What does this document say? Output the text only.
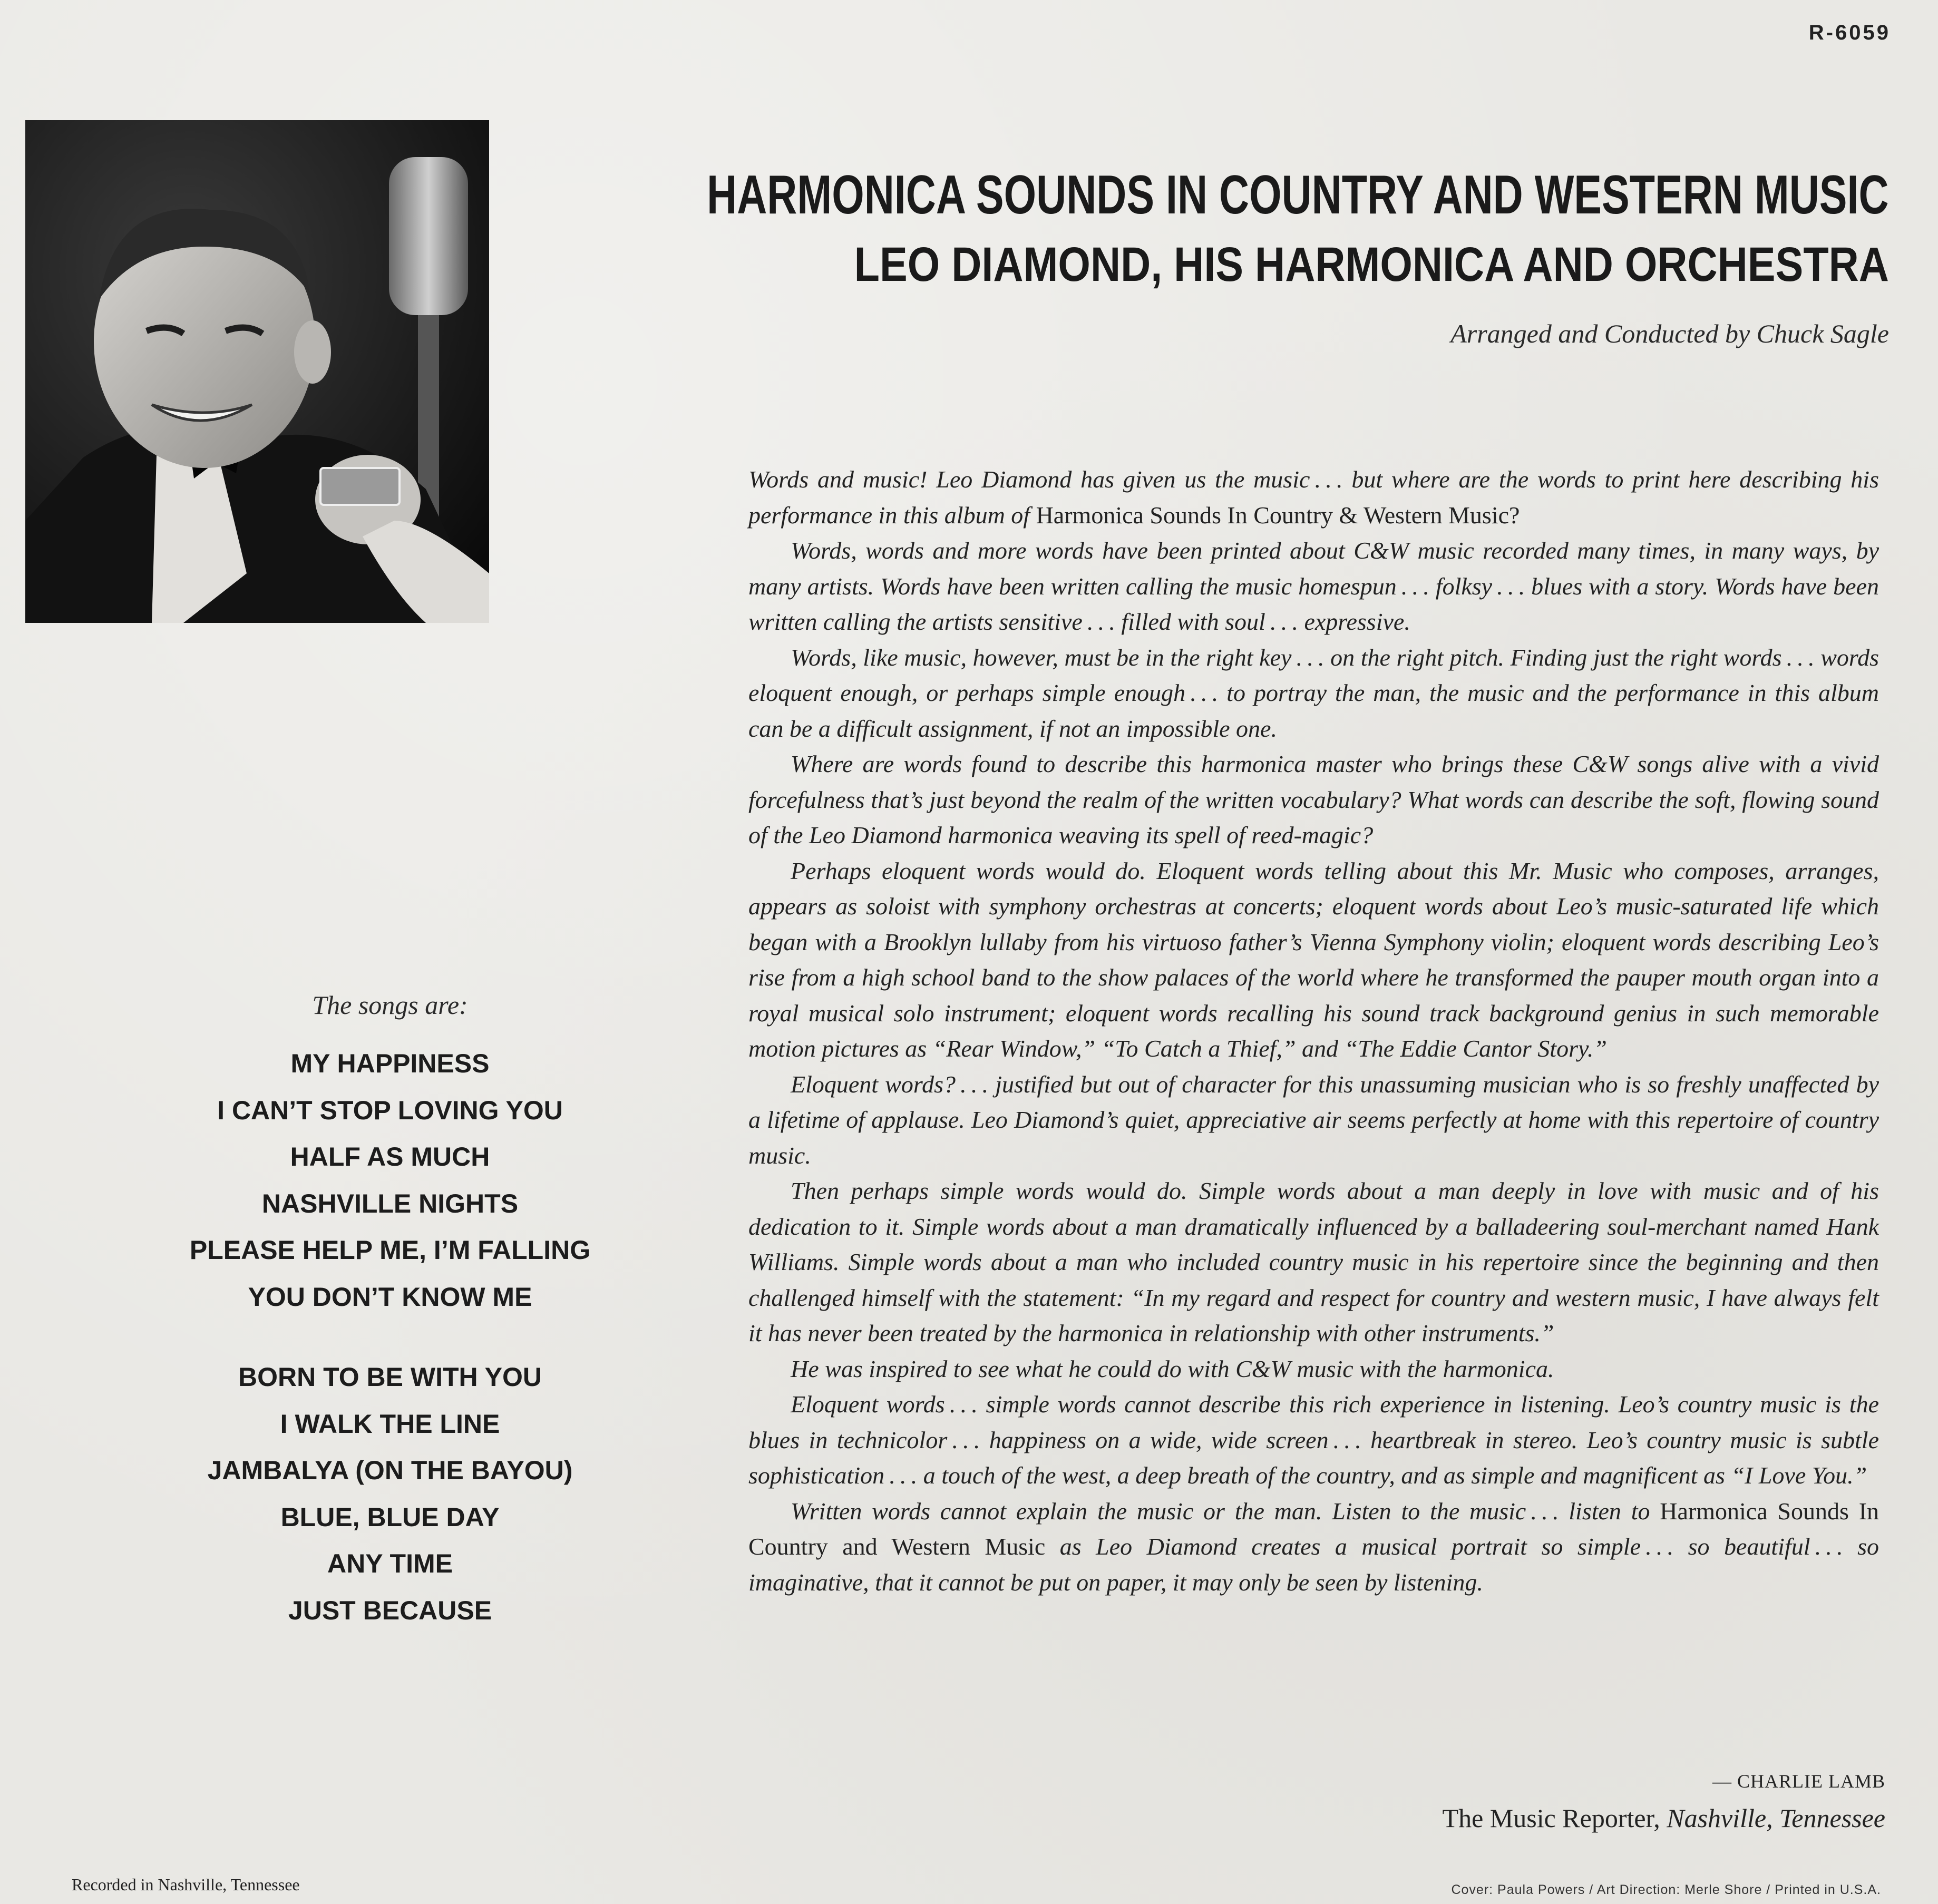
R-6059
HARMONICA SOUNDS IN COUNTRY AND WESTERN MUSIC
LEO DIAMOND, HIS HARMONICA AND ORCHESTRA
Arranged and Conducted by Chuck Sagle

Words and music! Leo Diamond has given us the music . . . but where are the words to print here describing his performance in this album of Harmonica Sounds In Country & Western Music?

Words, words and more words have been printed about C&W music recorded many times, in many ways, by many artists. Words have been written calling the music homespun . . . folksy . . . blues with a story. Words have been written calling the artists sensitive . . . filled with soul . . . expressive.

Words, like music, however, must be in the right key . . . on the right pitch. Finding just the right words . . . words eloquent enough, or perhaps simple enough . . . to portray the man, the music and the performance in this album can be a difficult assignment, if not an impossible one.

Where are words found to describe this harmonica master who brings these C&W songs alive with a vivid forcefulness that’s just beyond the realm of the written vocabulary? What words can describe the soft, flowing sound of the Leo Diamond harmonica weaving its spell of reed-magic?

Perhaps eloquent words would do. Eloquent words telling about this Mr. Music who composes, arranges, appears as soloist with symphony orchestras at concerts; eloquent words about Leo’s music-saturated life which began with a Brooklyn lullaby from his virtuoso father’s Vienna Symphony violin; eloquent words describing Leo’s rise from a high school band to the show palaces of the world where he transformed the pauper mouth organ into a royal musical solo instrument; eloquent words recalling his sound track background genius in such memorable motion pictures as “Rear Window,” “To Catch a Thief,” and “The Eddie Cantor Story.”

Eloquent words? . . . justified but out of character for this unassuming musician who is so freshly unaffected by a lifetime of applause. Leo Diamond’s quiet, appreciative air seems perfectly at home with this repertoire of country music.

Then perhaps simple words would do. Simple words about a man deeply in love with music and of his dedication to it. Simple words about a man dramatically influenced by a balladeering soul-merchant named Hank Williams. Simple words about a man who included country music in his repertoire since the beginning and then challenged himself with the statement: “In my regard and respect for country and western music, I have always felt it has never been treated by the harmonica in relationship with other instruments.”

He was inspired to see what he could do with C&W music with the harmonica.

Eloquent words . . . simple words cannot describe this rich experience in listening. Leo’s country music is the blues in technicolor . . . happiness on a wide, wide screen . . . heartbreak in stereo. Leo’s country music is subtle sophistication . . . a touch of the west, a deep breath of the country, and as simple and magnificent as “I Love You.”

Written words cannot explain the music or the man. Listen to the music . . . listen to Harmonica Sounds In Country and Western Music as Leo Diamond creates a musical portrait so simple . . . so beautiful . . . so imaginative, that it cannot be put on paper, it may only be seen by listening.

— CHARLIE LAMB
The Music Reporter, Nashville, Tennessee
The songs are:
MY HAPPINESS
I CAN’T STOP LOVING YOU
HALF AS MUCH
NASHVILLE NIGHTS
PLEASE HELP ME, I’M FALLING
YOU DON’T KNOW ME
BORN TO BE WITH YOU
I WALK THE LINE
JAMBALYA (ON THE BAYOU)
BLUE, BLUE DAY
ANY TIME
JUST BECAUSE
Recorded in Nashville, Tennessee	Cover: Paula Powers / Art Direction: Merle Shore / Printed in U.S.A.
